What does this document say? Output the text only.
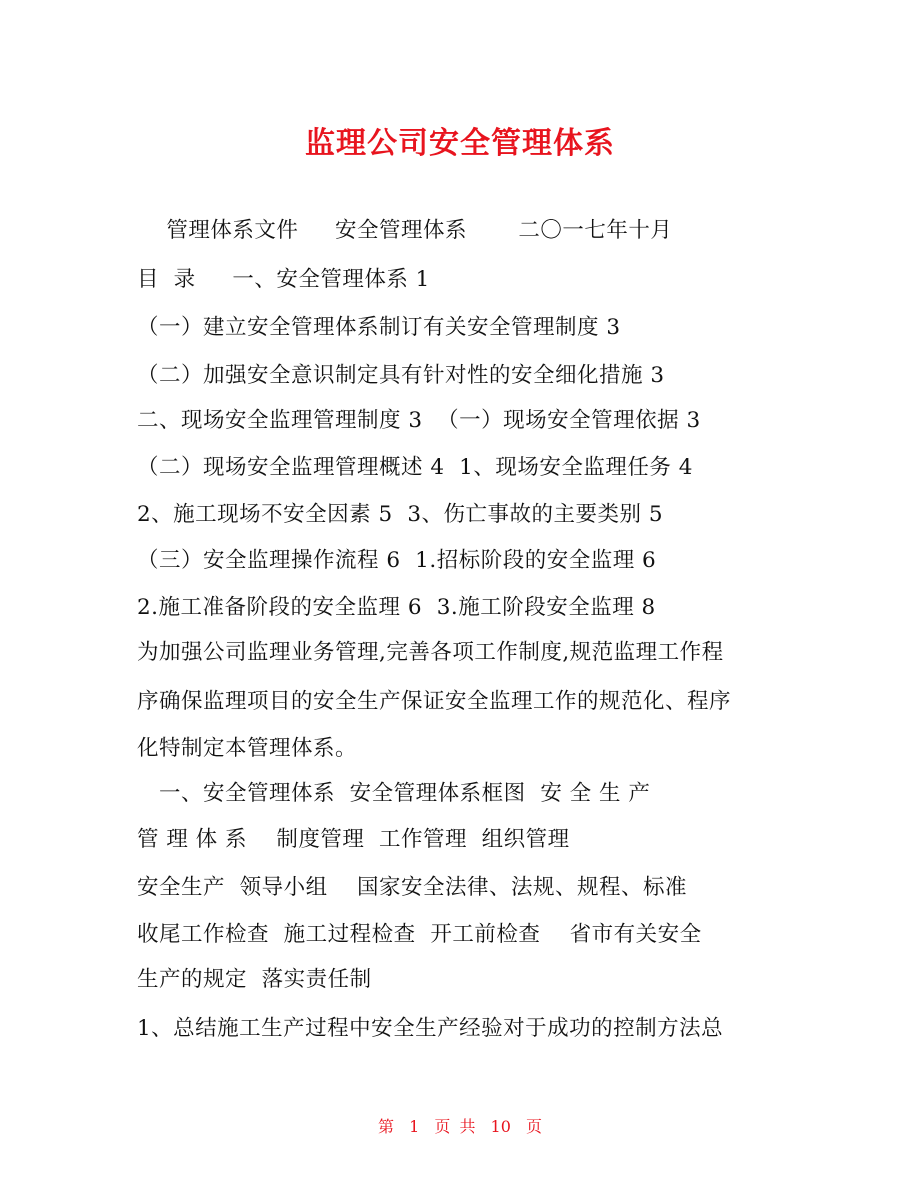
监理公司安全管理体系
管理体系文件     安全管理体系       二〇一七年十月
目  录     一、安全管理体系 1
（一）建立安全管理体系制订有关安全管理制度 3
（二）加强安全意识制定具有针对性的安全细化措施 3
二、现场安全监理管理制度 3  （一）现场安全管理依据 3
（二）现场安全监理管理概述 4  1、现场安全监理任务 4
2、施工现场不安全因素 5  3、伤亡事故的主要类别 5
（三）安全监理操作流程 6  1.招标阶段的安全监理 6
2.施工准备阶段的安全监理 6  3.施工阶段安全监理 8
为加强公司监理业务管理,完善各项工作制度,规范监理工作程
序确保监理项目的安全生产保证安全监理工作的规范化、程序
化特制定本管理体系。
一、安全管理体系  安全管理体系框图  安 全 生 产
管 理 体 系    制度管理  工作管理  组织管理
安全生产  领导小组    国家安全法律、法规、规程、标准
收尾工作检查  施工过程检查  开工前检查    省市有关安全
生产的规定  落实责任制
1、总结施工生产过程中安全生产经验对于成功的控制方法总
第 1 页 共 10 页
